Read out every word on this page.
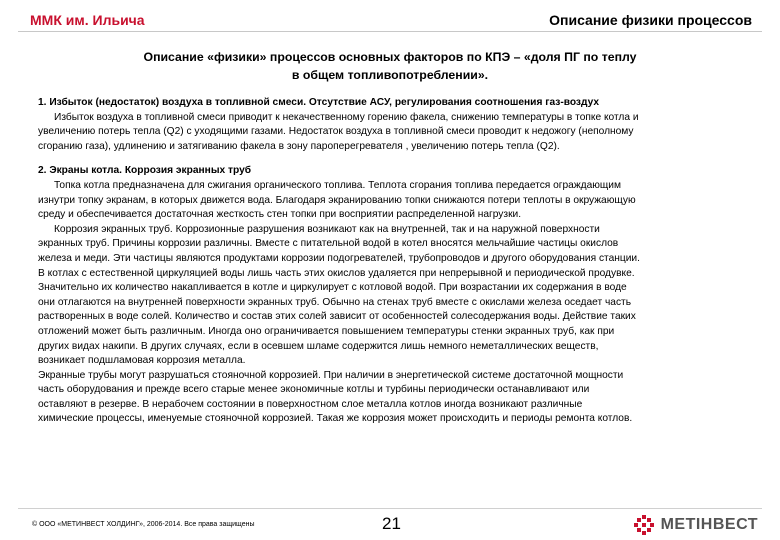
ММК им. Ильича	Описание физики процессов
Описание «физики» процессов основных факторов по КПЭ – «доля ПГ по теплу
в общем топливопотреблении».

1. Избыток (недостаток) воздуха в топливной смеси. Отсутствие АСУ, регулирования соотношения газ-воздух

Избыток воздуха в топливной смеси приводит к некачественному горению факела, снижению температуры в топке котла и

увеличению потерь тепла (Q2) с уходящими газами. Недостаток воздуха в топливной смеси проводит к недожогу (неполному

сгоранию газа), удлинению и затягиванию факела в зону пароперегревателя , увеличению потерь тепла (Q2).

2. Экраны котла. Коррозия экранных труб

Топка котла предназначена для сжигания органического топлива. Теплота сгорания топлива передается ограждающим

изнутри топку экранам, в которых движется вода. Благодаря экранированию топки снижаются потери теплоты в окружающую

среду и обеспечивается достаточная жесткость стен топки при восприятии распределенной нагрузки.

Коррозия экранных труб. Коррозионные разрушения возникают как на внутренней, так и на наружной поверхности

экранных труб. Причины коррозии различны. Вместе с питательной водой в котел вносятся мельчайшие частицы окислов

железа и меди. Эти частицы являются продуктами коррозии подогревателей, трубопроводов и другого оборудования станции.

В котлах с естественной циркуляцией воды лишь часть этих окислов удаляется при непрерывной и периодической продувке.

Значительно их количество накапливается в котле и циркулирует с котловой водой. При возрастании их содержания в воде

они отлагаются на внутренней поверхности экранных труб. Обычно на стенах труб вместе с окислами железа оседает часть

растворенных в воде солей. Количество и состав этих солей зависит от особенностей солесодержания воды. Действие таких

отложений может быть различным. Иногда оно ограничивается повышением температуры стенки экранных труб, как при

других видах накипи. В других случаях, если в осевшем шламе содержится лишь немного неметаллических веществ,

возникает подшламовая коррозия металла.

Экранные трубы могут разрушаться стояночной коррозией. При наличии в энергетической системе достаточной мощности

часть оборудования и прежде всего старые менее экономичные котлы и турбины периодически останавливают или

оставляют в резерве. В нерабочем состоянии в поверхностном слое металла котлов иногда возникают различные

химические процессы, именуемые стояночной коррозией. Такая же коррозия может происходить и периоды ремонта котлов.

© ООО «МЕТИНВЕСТ ХОЛДИНГ», 2006-2014. Все права защищены	21	МЕТІНВЕСТ
